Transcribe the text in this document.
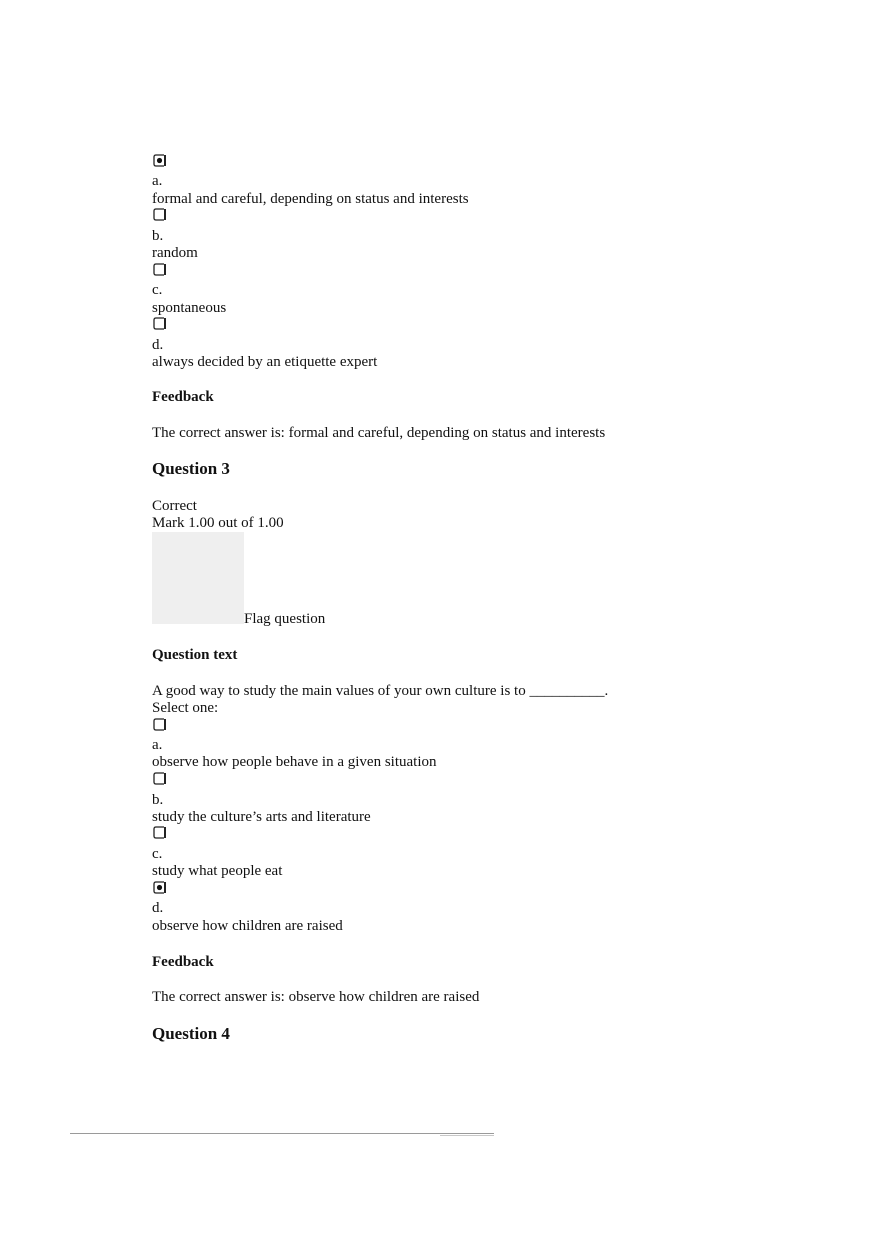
a.
formal and careful, depending on status and interests
b.
random
c.
spontaneous
d.
always decided by an etiquette expert
Feedback
The correct answer is: formal and careful, depending on status and interests
Question 3
Correct
Mark 1.00 out of 1.00
Flag question
Question text
A good way to study the main values of your own culture is to __________.
Select one:
a.
observe how people behave in a given situation
b.
study the culture’s arts and literature
c.
study what people eat
d.
observe how children are raised
Feedback
The correct answer is: observe how children are raised
Question 4
